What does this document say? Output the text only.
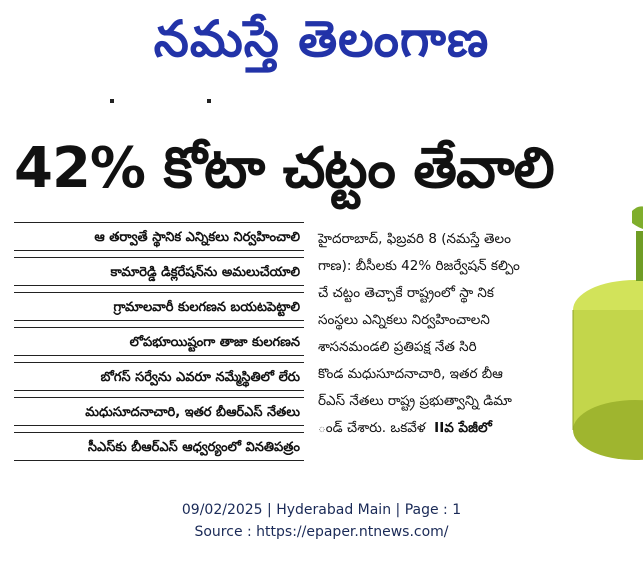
నమస్తే తెలంగాణ
42% కోటా చట్టం తేవాలి
ఆ తర్వాతే స్థానిక ఎన్నికలు నిర్వహించాలి
కామారెడ్డి డిక్లరేషన్‌ను అమలుచేయాలి
గ్రామాలవారీ కులగణన బయటపెట్టాలి
లోపభూయిష్టంగా తాజా కులగణన
బోగస్ సర్వేను ఎవరూ నమ్మేస్థితిలో లేరు
మధుసూదనాచారి, ఇతర బీఆర్‌ఎస్ నేతలు
సీఎస్‌కు బీఆర్‌ఎస్ ఆధ్వర్యంలో వినతిపత్రం
హైదరాబాద్, ఫిబ్రవరి 8 (నమస్తే తెలం
గాణ): బీసీలకు 42% రిజర్వేషన్ కల్పిం
చే చట్టం తెచ్చాకే రాష్ట్రంలో స్థా నిక
సంస్థలు ఎన్నికలు నిర్వహించాలని
శాసనమండలి ప్రతిపక్ష నేత సిరి
కొండ మధుసూదనాచారి, ఇతర బీఆ
ర్‌ఎస్ నేతలు రాష్ట్ర ప్రభుత్వాన్ని డిమా
ండ్ చేశారు. ఒకవేళ IIవ పేజీలో
09/02/2025 | Hyderabad Main | Page : 1
Source : https://epaper.ntnews.com/
